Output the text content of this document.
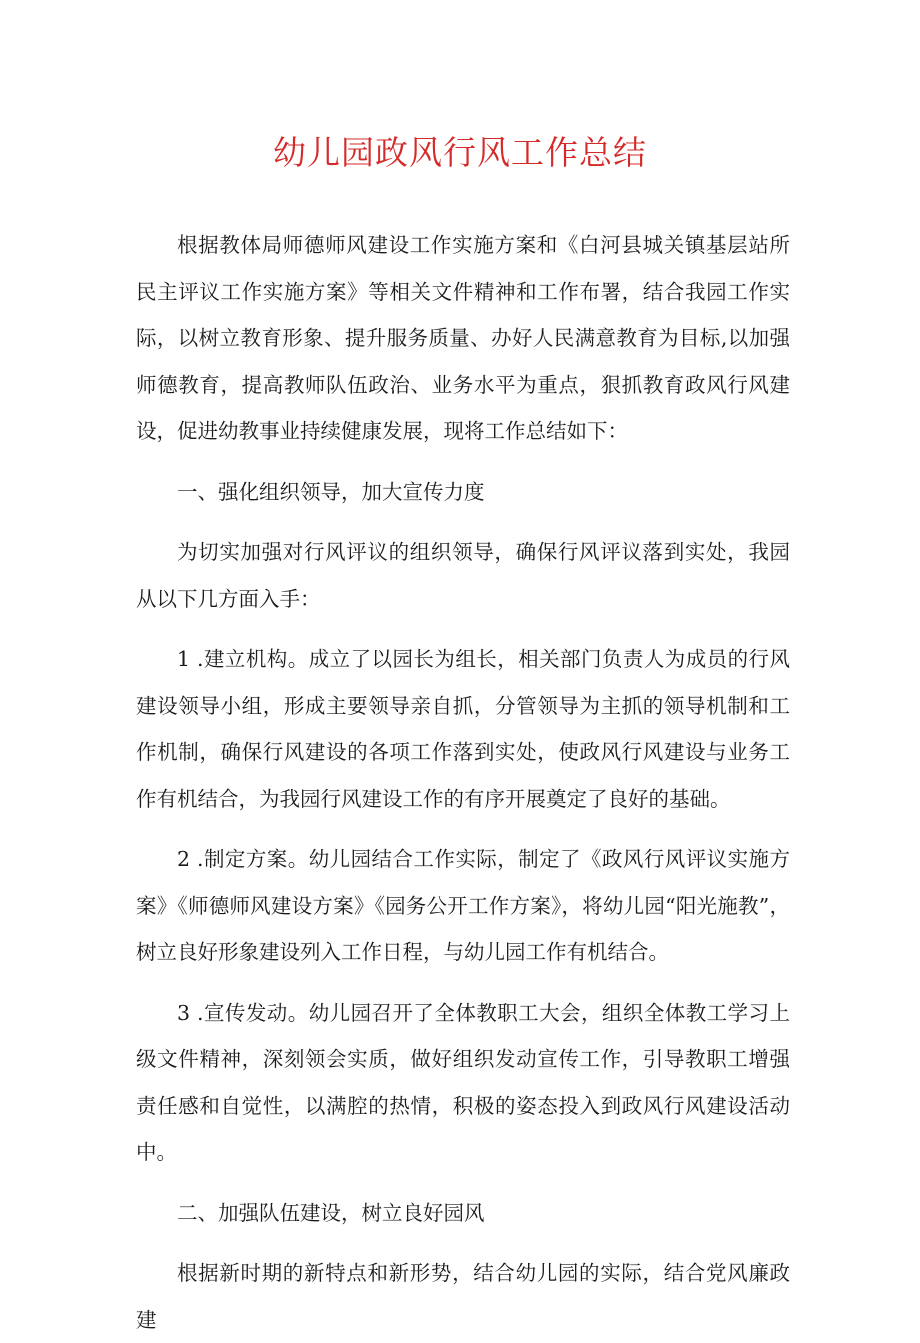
幼儿园政风行风工作总结

根据教体局师德师风建设工作实施方案和《白河县城关镇基层站所民主评议工作实施方案》等相关文件精神和工作布署，结合我园工作实际，以树立教育形象、提升服务质量、办好人民满意教育为目标,以加强师德教育，提高教师队伍政治、业务水平为重点，狠抓教育政风行风建设，促进幼教事业持续健康发展，现将工作总结如下：

一、强化组织领导，加大宣传力度

为切实加强对行风评议的组织领导，确保行风评议落到实处，我园从以下几方面入手：

1 .建立机构。成立了以园长为组长，相关部门负责人为成员的行风建设领导小组，形成主要领导亲自抓，分管领导为主抓的领导机制和工作机制，确保行风建设的各项工作落到实处，使政风行风建设与业务工作有机结合，为我园行风建设工作的有序开展奠定了良好的基础。

2 .制定方案。幼儿园结合工作实际，制定了《政风行风评议实施方案》《师德师风建设方案》《园务公开工作方案》，将幼儿园“阳光施教”，树立良好形象建设列入工作日程，与幼儿园工作有机结合。

3 .宣传发动。幼儿园召开了全体教职工大会，组织全体教工学习上级文件精神，深刻领会实质，做好组织发动宣传工作，引导教职工增强责任感和自觉性，以满腔的热情，积极的姿态投入到政风行风建设活动中。

二、加强队伍建设，树立良好园风

根据新时期的新特点和新形势，结合幼儿园的实际，结合党风廉政建
